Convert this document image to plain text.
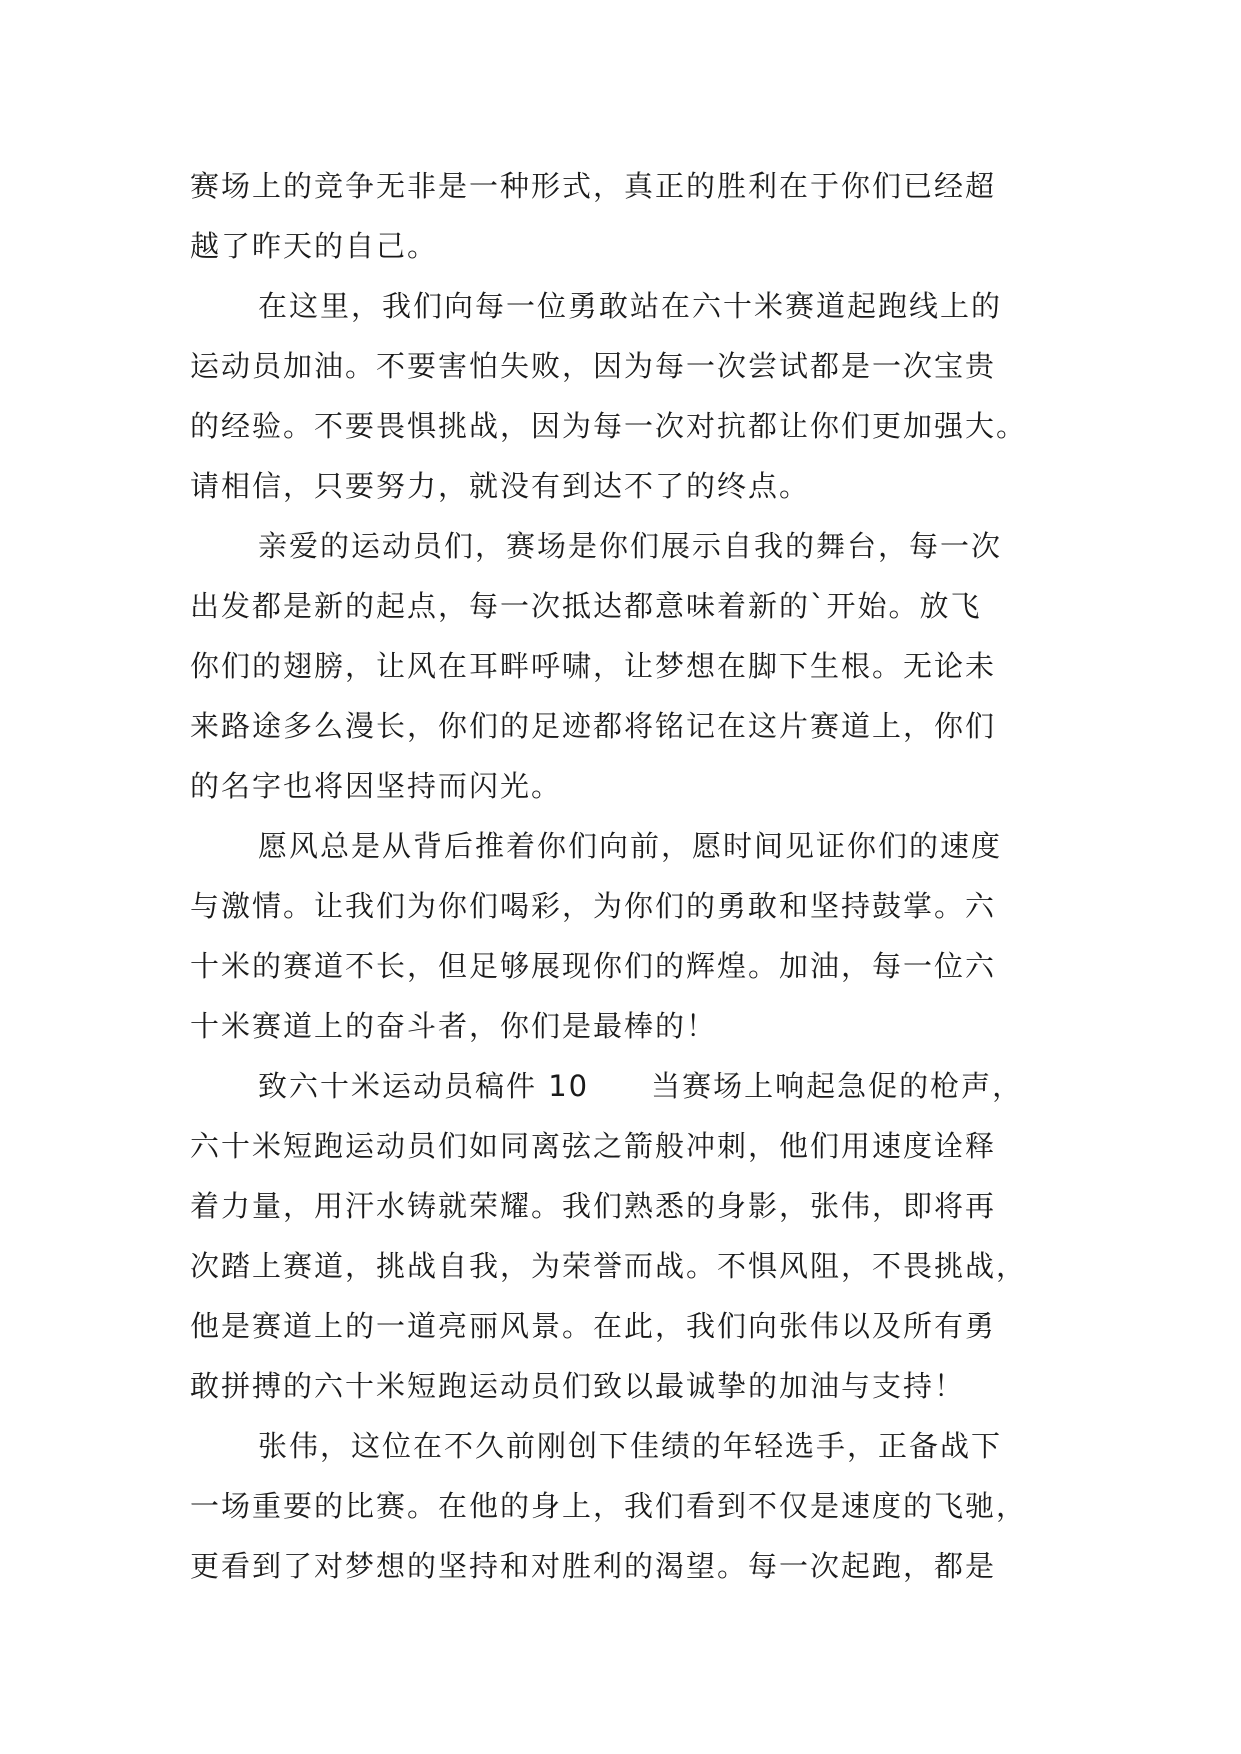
赛场上的竞争无非是一种形式，真正的胜利在于你们已经超
越了昨天的自己。
在这里，我们向每一位勇敢站在六十米赛道起跑线上的
运动员加油。不要害怕失败，因为每一次尝试都是一次宝贵
的经验。不要畏惧挑战，因为每一次对抗都让你们更加强大。
请相信，只要努力，就没有到达不了的终点。
亲爱的运动员们，赛场是你们展示自我的舞台，每一次
出发都是新的起点，每一次抵达都意味着新的`开始。放飞
你们的翅膀，让风在耳畔呼啸，让梦想在脚下生根。无论未
来路途多么漫长，你们的足迹都将铭记在这片赛道上，你们
的名字也将因坚持而闪光。
愿风总是从背后推着你们向前，愿时间见证你们的速度
与激情。让我们为你们喝彩，为你们的勇敢和坚持鼓掌。六
十米的赛道不长，但足够展现你们的辉煌。加油，每一位六
十米赛道上的奋斗者，你们是最棒的！
致六十米运动员稿件 10　　当赛场上响起急促的枪声，
六十米短跑运动员们如同离弦之箭般冲刺，他们用速度诠释
着力量，用汗水铸就荣耀。我们熟悉的身影，张伟，即将再
次踏上赛道，挑战自我，为荣誉而战。不惧风阻，不畏挑战，
他是赛道上的一道亮丽风景。在此，我们向张伟以及所有勇
敢拼搏的六十米短跑运动员们致以最诚挚的加油与支持！
张伟，这位在不久前刚创下佳绩的年轻选手，正备战下
一场重要的比赛。在他的身上，我们看到不仅是速度的飞驰，
更看到了对梦想的坚持和对胜利的渴望。每一次起跑，都是
